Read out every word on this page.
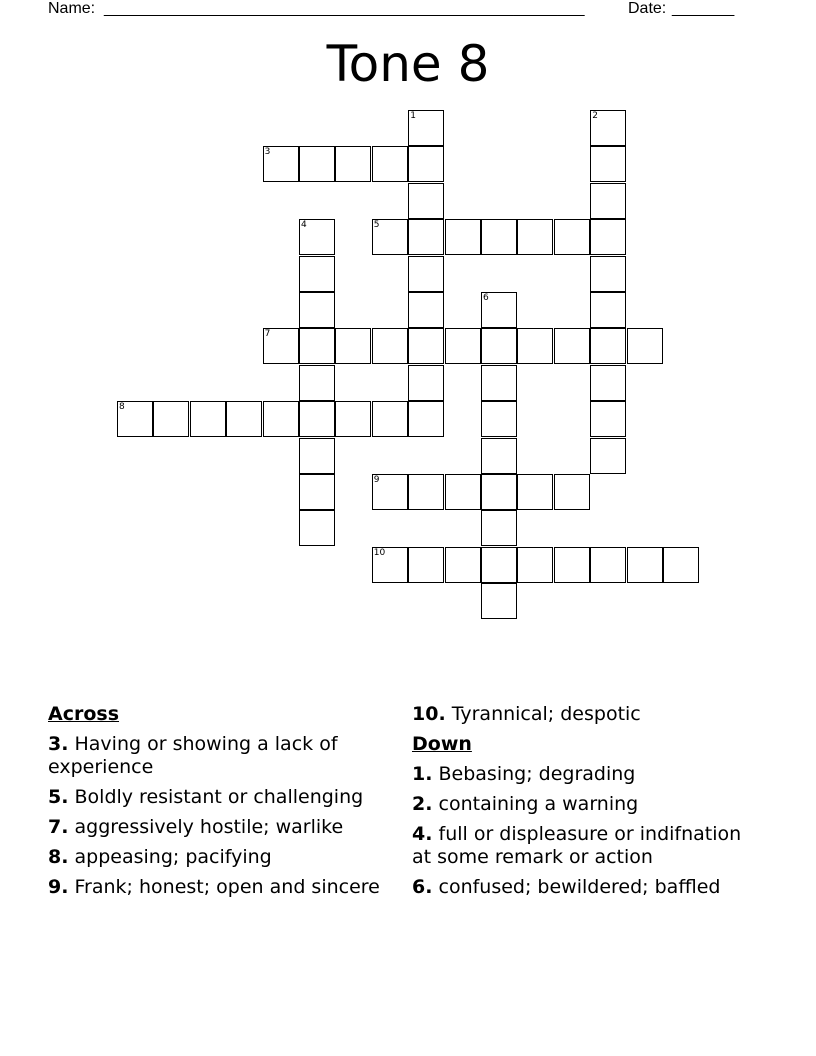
Name: ______________________________________________________	Date: _______
Tone 8
1	2
3
4	5
6
7
8
9
10
Across
3. Having or showing a lack of experience
5. Boldly resistant or challenging
7. aggressively hostile; warlike
8. appeasing; pacifying
9. Frank; honest; open and sincere
10. Tyrannical; despotic
Down
1. Bebasing; degrading
2. containing a warning
4. full or displeasure or indifnation at some remark or action
6. confused; bewildered; baffled
